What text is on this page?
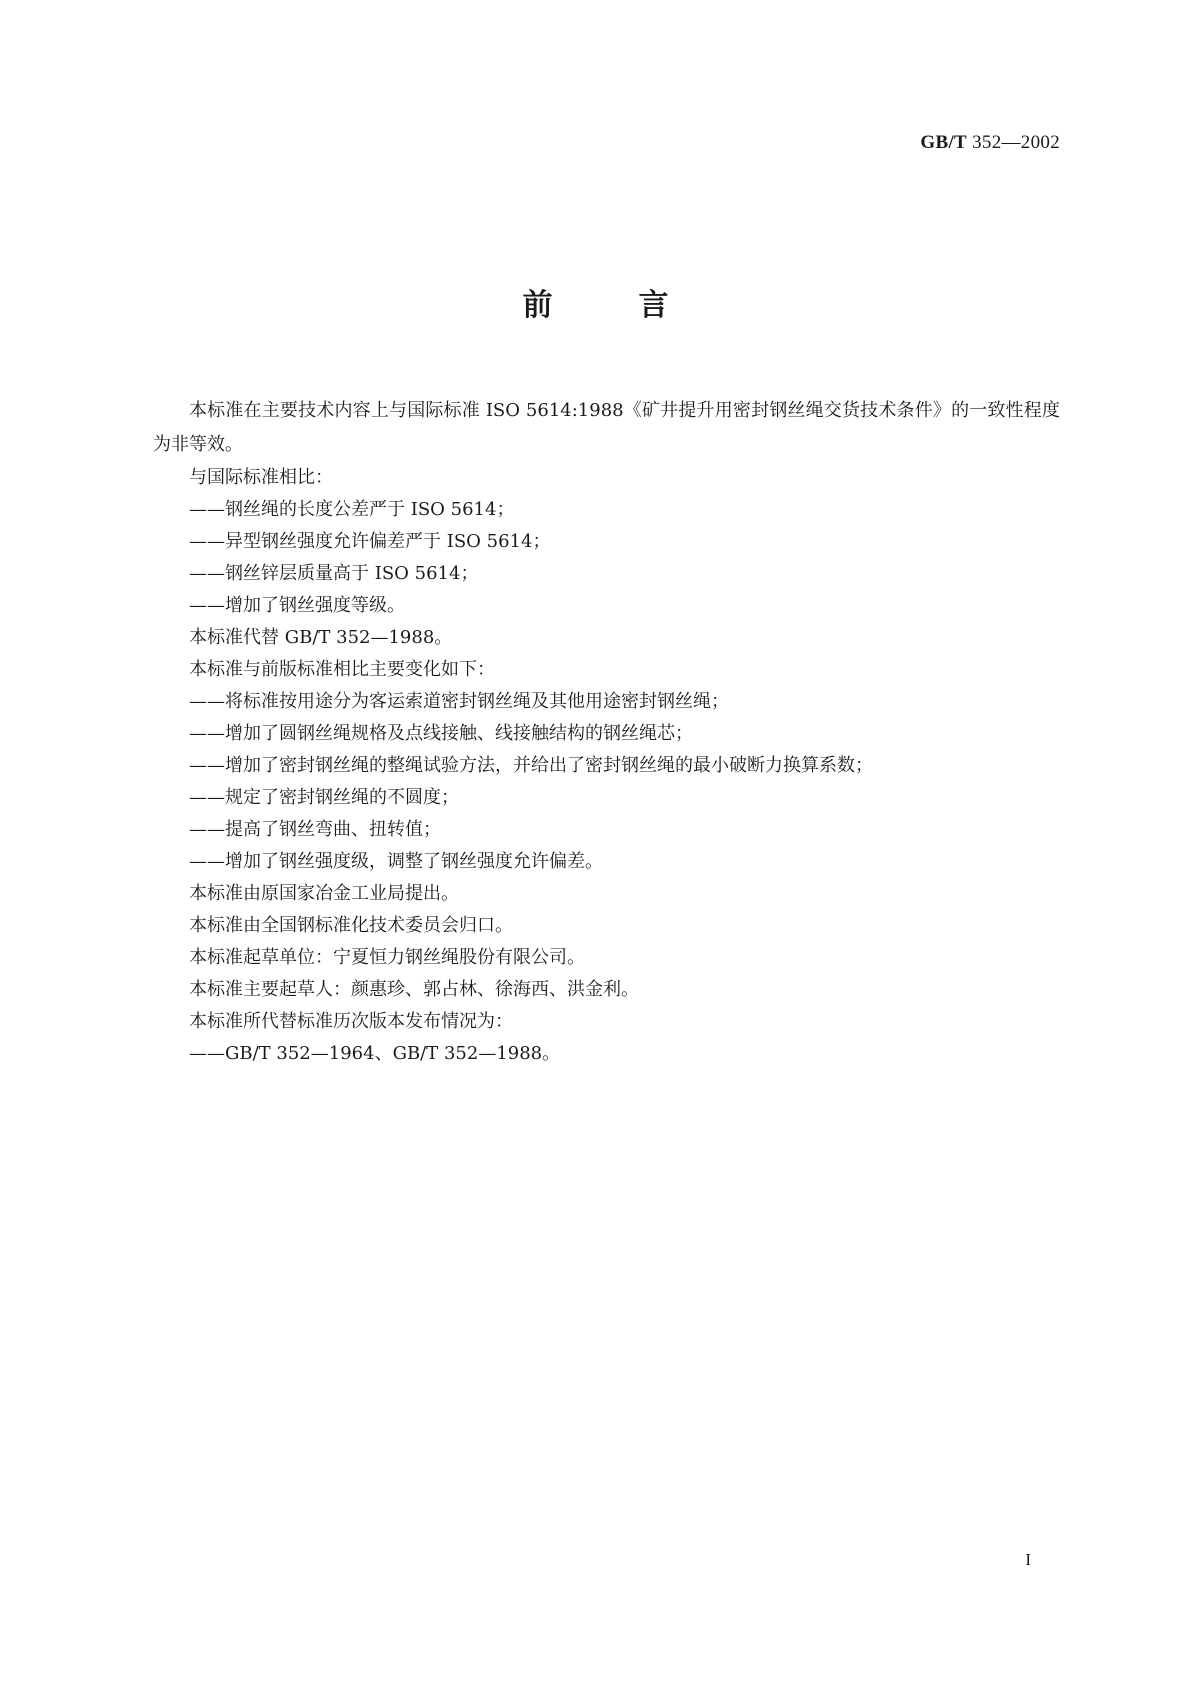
GB/T 352—2002
前	言

本标准在主要技术内容上与国际标准 ISO 5614:1988《矿井提升用密封钢丝绳交货技术条件》的一致性程度为非等效。

与国际标准相比：

——钢丝绳的长度公差严于 ISO 5614；

——异型钢丝强度允许偏差严于 ISO 5614；

——钢丝锌层质量高于 ISO 5614；

——增加了钢丝强度等级。

本标准代替 GB/T 352—1988。

本标准与前版标准相比主要变化如下：

——将标准按用途分为客运索道密封钢丝绳及其他用途密封钢丝绳；

——增加了圆钢丝绳规格及点线接触、线接触结构的钢丝绳芯；

——增加了密封钢丝绳的整绳试验方法，并给出了密封钢丝绳的最小破断力换算系数；

——规定了密封钢丝绳的不圆度；

——提高了钢丝弯曲、扭转值；

——增加了钢丝强度级，调整了钢丝强度允许偏差。

本标准由原国家冶金工业局提出。

本标准由全国钢标准化技术委员会归口。

本标准起草单位：宁夏恒力钢丝绳股份有限公司。

本标准主要起草人：颜惠珍、郭占林、徐海西、洪金利。

本标准所代替标准历次版本发布情况为：

——GB/T 352—1964、GB/T 352—1988。

I
